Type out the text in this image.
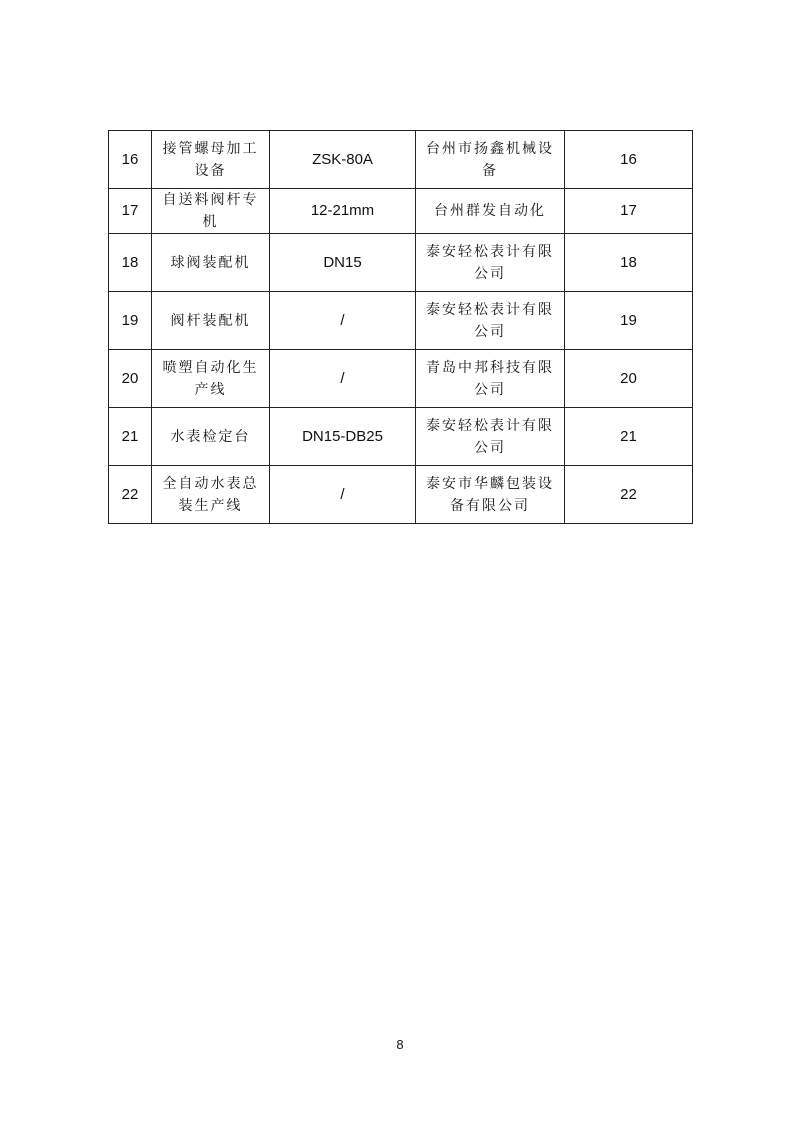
16	接管螺母加工设备	ZSK-80A	台州市扬鑫机械设备	16
17	自送料阀杆专机	12-21mm	台州群发自动化	17
18	球阀装配机	DN15	泰安轻松表计有限公司	18
19	阀杆装配机	/	泰安轻松表计有限公司	19
20	喷塑自动化生产线	/	青岛中邦科技有限公司	20
21	水表检定台	DN15-DB25	泰安轻松表计有限公司	21
22	全自动水表总装生产线	/	泰安市华麟包装设备有限公司	22
8
